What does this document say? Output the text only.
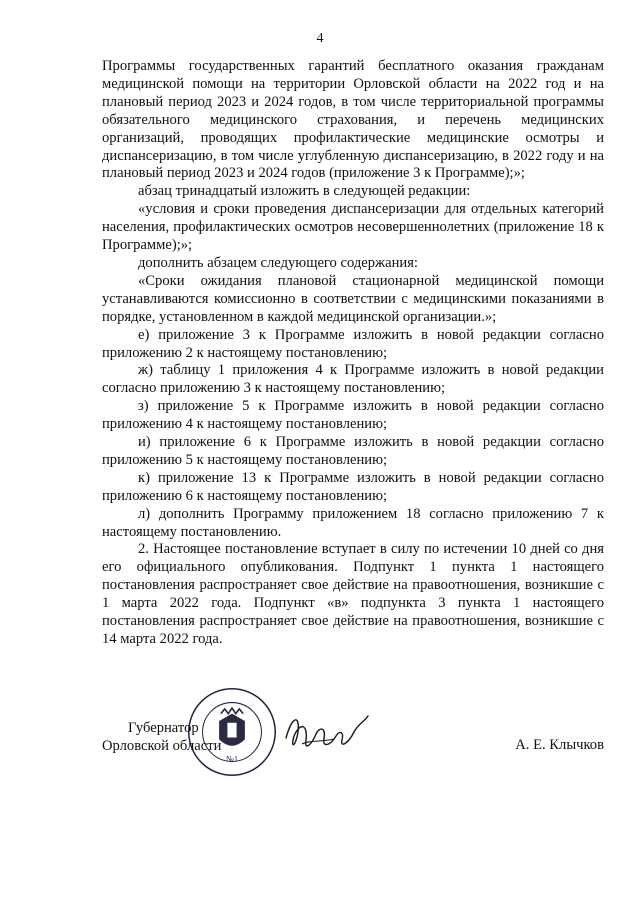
4

Программы государственных гарантий бесплатного оказания гражданам медицинской помощи на территории Орловской области на 2022 год и на плановый период 2023 и 2024 годов, в том числе территориальной программы обязательного медицинского страхования, и перечень медицинских организаций, проводящих профилактические медицинские осмотры и диспансеризацию, в том числе углубленную диспансеризацию, в 2022 году и на плановый период 2023 и 2024 годов (приложение 3 к Программе);»;

абзац тринадцатый изложить в следующей редакции:

«условия и сроки проведения диспансеризации для отдельных категорий населения, профилактических осмотров несовершеннолетних (приложение 18 к Программе);»;

дополнить абзацем следующего содержания:

«Сроки ожидания плановой стационарной медицинской помощи устанавливаются комиссионно в соответствии с медицинскими показаниями в порядке, установленном в каждой медицинской организации.»;

е) приложение 3 к Программе изложить в новой редакции согласно приложению 2 к настоящему постановлению;

ж) таблицу 1 приложения 4 к Программе изложить в новой редакции согласно приложению 3 к настоящему постановлению;

з) приложение 5 к Программе изложить в новой редакции согласно приложению 4 к настоящему постановлению;

и) приложение 6 к Программе изложить в новой редакции согласно приложению 5 к настоящему постановлению;

к) приложение 13 к Программе изложить в новой редакции согласно приложению 6 к настоящему постановлению;

л) дополнить Программу приложением 18 согласно приложению 7 к настоящему постановлению.

2. Настоящее постановление вступает в силу по истечении 10 дней со дня его официального опубликования. Подпункт 1 пункта 1 настоящего постановления распространяет свое действие на правоотношения, возникшие с 1 марта 2022 года. Подпункт «в» подпункта 3 пункта 1 настоящего постановления распространяет свое действие на правоотношения, возникшие с 14 марта 2022 года.

№1
Губернатор
Орловской области	А. Е. Клычков
